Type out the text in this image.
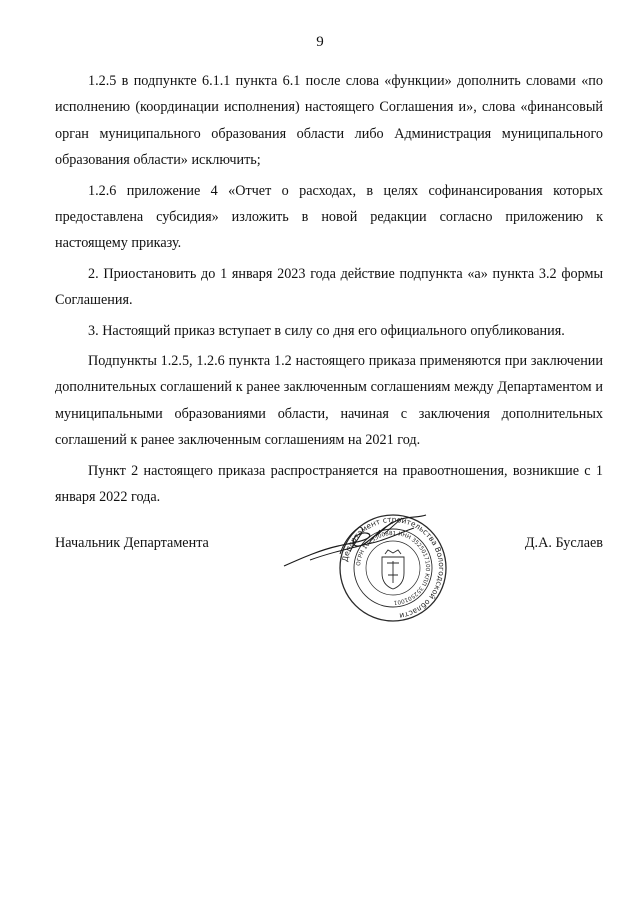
9

1.2.5 в подпункте 6.1.1 пункта 6.1 после слова «функции» дополнить словами «по исполнению (координации исполнения) настоящего Соглашения и», слова «финансовый орган муниципального образования области либо Администрация муниципального образования области» исключить;

1.2.6 приложение 4 «Отчет о расходах, в целях софинансирования которых предоставлена субсидия» изложить в новой редакции согласно приложению к настоящему приказу.

2. Приостановить до 1 января 2023 года действие подпункта «а» пункта 3.2 формы Соглашения.

3. Настоящий приказ вступает в силу со дня его официального опубликования.

Подпункты 1.2.5, 1.2.6 пункта 1.2 настоящего приказа применяются при заключении дополнительных соглашений к ранее заключенным соглашениям между Департаментом и муниципальными образованиями области, начиная с заключения дополнительных соглашений к ранее заключенным соглашениям на 2021 год.

Пункт 2 настоящего приказа распространяется на правоотношения, возникшие с 1 января 2022 года.

Начальник Департамента	Д.А. Буслаев
Департамент строительства Вологодской области
ОГРН 1023500881 ИНН 3525017100 КПП 352501001
